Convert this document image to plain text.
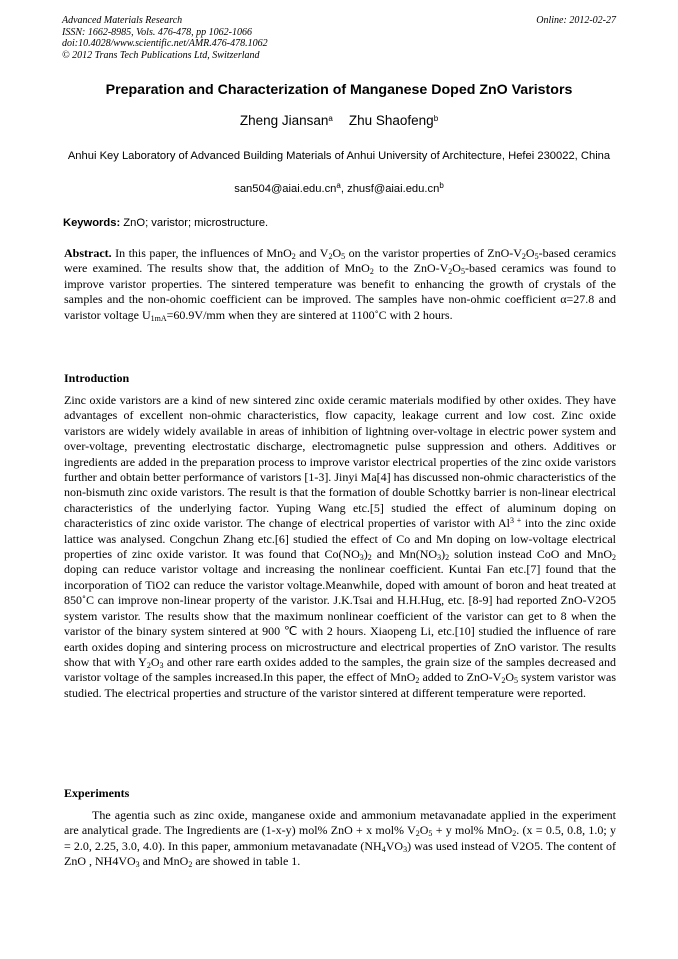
Advanced Materials Research
ISSN: 1662-8985, Vols. 476-478, pp 1062-1066
doi:10.4028/www.scientific.net/AMR.476-478.1062
© 2012 Trans Tech Publications Ltd, Switzerland
Online: 2012-02-27
Preparation and Characterization of Manganese Doped ZnO Varistors
Zheng Jiansan$^a$ Zhu Shaofeng$^b$
Anhui Key Laboratory of Advanced Building Materials of Anhui University of Architecture, Hefei 230022, China
$san504@aiai.edu.cn^a$, $zhusf@aiai.edu.cn^b$
Keywords: ZnO; varistor; microstructure.
Abstract. In this paper, the influences of MnO$_2$ and $V_2O_5$ on the varistor properties of ZnO-$V_2O_5$-based ceramics were examined. The results show that, the addition of MnO$_2$ to the ZnO-$V_2O_5$-based ceramics was found to improve varistor properties. The sintered temperature was benefit to enhancing the growth of crystals of the samples and the non-ohomic coefficient can be improved. The samples have non-ohmic coefficient α=27.8 and varistor voltage $U_{1mA}=60.9V/mm$ when they are sintered at 1100˚C with 2 hours.
Introduction
Zinc oxide varistors are a kind of new sintered zinc oxide ceramic materials modified by other oxides. They have advantages of excellent non-ohmic characteristics, flow capacity, leakage current and low cost. Zinc oxide varistors are widely widely available in areas of inhibition of lightning over-voltage in electric power system and over-voltage, preventing electrostatic discharge, electromagnetic pulse suppression and others. Additives or ingredients are added in the preparation process to improve varistor electrical properties of the zinc oxide varistors further and obtain better performance of varistors [1-3]. Jinyi Ma[4] has discussed non-ohmic characteristics of the non-bismuth zinc oxide varistors. The result is that the formation of double Schottky barrier is non-linear electrical characteristics of the underlying factor. Yuping Wang etc.[5] studied the effect of aluminum doping on characteristics of zinc oxide varistor. The change of electrical properties of varistor with $Al^{3 +}$ into the zinc oxide lattice was analysed. Congchun Zhang etc.[6] studied the effect of Co and Mn doping on low-voltage electrical properties of zinc oxide varistor. It was found that $Co(NO_3)_2$ and $Mn(NO_3)_2$ solution instead CoO and MnO$_2$ doping can reduce varistor voltage and increasing the nonlinear coefficient. Kuntai Fan etc.[7] found that the incorporation of TiO2 can reduce the varistor voltage.Meanwhile, doped with amount of boron and heat treated at 850˚C can improve non-linear property of the varistor. J.K.Tsai and H.H.Hug, etc. [8-9] had reported ZnO-V2O5 system varistor. The results show that the maximum nonlinear coefficient of the varistor can get to 8 when the varistor of the binary system sintered at 900 ℃ with 2 hours. Xiaopeng Li, etc.[10] studied the influence of rare earth oxides doping and sintering process on microstructure and electrical properties of ZnO varistor. The results show that with $Y_2O_3$ and other rare earth oxides added to the samples, the grain size of the samples decreased and varistor voltage of the samples increased.In this paper, the effect of MnO$_2$ added to ZnO-$V_2O_5$ system varistor was studied. The electrical properties and structure of the varistor sintered at different temperature were reported.
Experiments
The agentia such as zinc oxide, manganese oxide and ammonium metavanadate applied in the experiment are analytical grade. The Ingredients are (1-x-y) mol% ZnO + x mol% $V_2O_5 + y$ mol% MnO$_2$. (x = 0.5, 0.8, 1.0; y = 2.0, 2.25, 3.0, 4.0). In this paper, ammonium metavanadate $(NH_4VO_3)$ was used instead of V2O5. The content of ZnO , $NH4VO_3$ and MnO$_2$ are showed in table 1.
